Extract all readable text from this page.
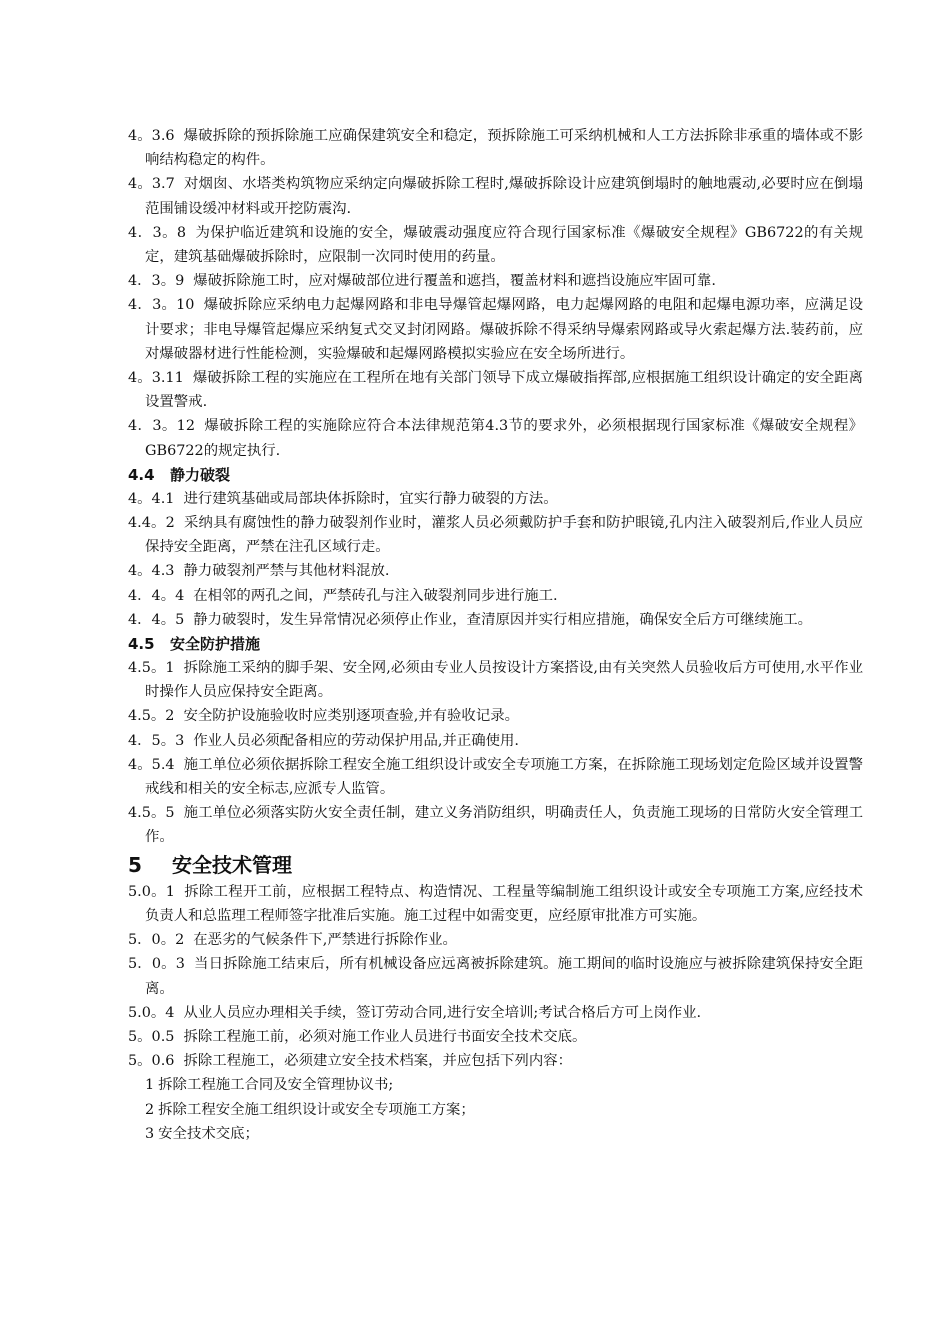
4。3.6 爆破拆除的预拆除施工应确保建筑安全和稳定，预拆除施工可采纳机械和人工方法拆除非承重的墙体或不影响结构稳定的构件。

4。3.7 对烟囱、水塔类构筑物应采纳定向爆破拆除工程时,爆破拆除设计应建筑倒塌时的触地震动,必要时应在倒塌范围铺设缓冲材料或开挖防震沟.

4．3。8 为保护临近建筑和设施的安全，爆破震动强度应符合现行国家标准《爆破安全规程》GB6722的有关规定，建筑基础爆破拆除时，应限制一次同时使用的药量。

4．3。9 爆破拆除施工时，应对爆破部位进行覆盖和遮挡，覆盖材料和遮挡设施应牢固可靠.

4．3。10 爆破拆除应采纳电力起爆网路和非电导爆管起爆网路，电力起爆网路的电阻和起爆电源功率，应满足设计要求；非电导爆管起爆应采纳复式交叉封闭网路。爆破拆除不得采纳导爆索网路或导火索起爆方法.装药前，应对爆破器材进行性能检测，实验爆破和起爆网路模拟实验应在安全场所进行。

4。3.11 爆破拆除工程的实施应在工程所在地有关部门领导下成立爆破指挥部,应根据施工组织设计确定的安全距离设置警戒.

4．3。12 爆破拆除工程的实施除应符合本法律规范第4.3节的要求外，必须根据现行国家标准《爆破安全规程》GB6722的规定执行.

4.4 静力破裂

4。4.1 进行建筑基础或局部块体拆除时，宜实行静力破裂的方法。

4.4。2 采纳具有腐蚀性的静力破裂剂作业时，灌浆人员必须戴防护手套和防护眼镜,孔内注入破裂剂后,作业人员应保持安全距离，严禁在注孔区域行走。

4。4.3 静力破裂剂严禁与其他材料混放.

4．4。4 在相邻的两孔之间，严禁砖孔与注入破裂剂同步进行施工.

4．4。5 静力破裂时，发生异常情况必须停止作业，查清原因并实行相应措施，确保安全后方可继续施工。

4.5 安全防护措施

4.5。1 拆除施工采纳的脚手架、安全网,必须由专业人员按设计方案搭设,由有关突然人员验收后方可使用,水平作业时操作人员应保持安全距离。

4.5。2 安全防护设施验收时应类别逐项查验,并有验收记录。

4．5。3 作业人员必须配备相应的劳动保护用品,并正确使用.

4。5.4 施工单位必须依据拆除工程安全施工组织设计或安全专项施工方案，在拆除施工现场划定危险区域并设置警戒线和相关的安全标志,应派专人监管。

4.5。5 施工单位必须落实防火安全责任制，建立义务消防组织，明确责任人，负责施工现场的日常防火安全管理工作。

5 安全技术管理

5.0。1 拆除工程开工前，应根据工程特点、构造情况、工程量等编制施工组织设计或安全专项施工方案,应经技术负责人和总监理工程师签字批准后实施。施工过程中如需变更，应经原审批准方可实施。

5．0。2 在恶劣的气候条件下,严禁进行拆除作业。

5．0。3 当日拆除施工结束后，所有机械设备应远离被拆除建筑。施工期间的临时设施应与被拆除建筑保持安全距离。

5.0。4 从业人员应办理相关手续，签订劳动合同,进行安全培训;考试合格后方可上岗作业.

5。0.5 拆除工程施工前，必须对施工作业人员进行书面安全技术交底。

5。0.6 拆除工程施工，必须建立安全技术档案，并应包括下列内容：

1 拆除工程施工合同及安全管理协议书;

2 拆除工程安全施工组织设计或安全专项施工方案；

3 安全技术交底；
